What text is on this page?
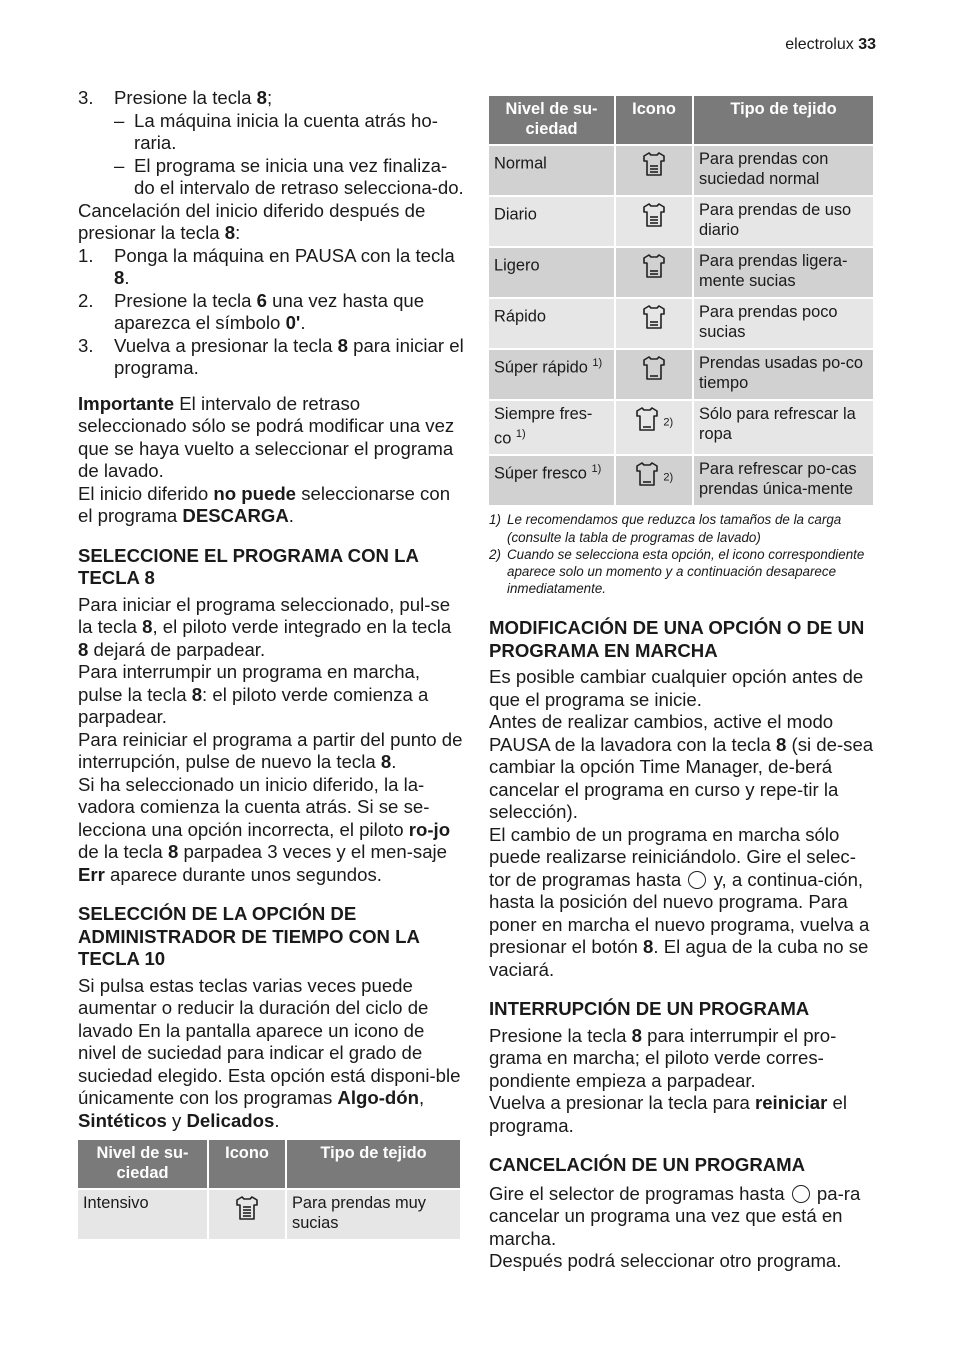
electrolux 33
3.	Presione la tecla 8;
– La máquina inicia la cuenta atrás ho-raria.
– El programa se inicia una vez finaliza-do el intervalo de retraso selecciona-do.

Cancelación del inicio diferido después de presionar la tecla 8:

1.	Ponga la máquina en PAUSA con la tecla 8.
2.	Presione la tecla 6 una vez hasta que aparezca el símbolo 0'.
3.	Vuelva a presionar la tecla 8 para iniciar el programa.

Importante El intervalo de retraso seleccionado sólo se podrá modificar una vez que se haya vuelto a seleccionar el programa de lavado.

El inicio diferido no puede seleccionarse con el programa DESCARGA.

SELECCIONE EL PROGRAMA CON LA TECLA 8

Para iniciar el programa seleccionado, pul-se la tecla 8, el piloto verde integrado en la tecla 8 dejará de parpadear.

Para interrumpir un programa en marcha, pulse la tecla 8: el piloto verde comienza a parpadear.

Para reiniciar el programa a partir del punto de interrupción, pulse de nuevo la tecla 8.

Si ha seleccionado un inicio diferido, la la-vadora comienza la cuenta atrás. Si se se-lecciona una opción incorrecta, el piloto ro-jo de la tecla 8 parpadea 3 veces y el men-saje Err aparece durante unos segundos.

SELECCIÓN DE LA OPCIÓN DE ADMINISTRADOR DE TIEMPO CON LA TECLA 10

Si pulsa estas teclas varias veces puede aumentar o reducir la duración del ciclo de lavado En la pantalla aparece un icono de nivel de suciedad para indicar el grado de suciedad elegido. Esta opción está disponi-ble únicamente con los programas Algo-dón, Sintéticos y Delicados.

Nivel de su-ciedad	Icono	Tipo de tejido
Intensivo		Para prendas muy sucias
Nivel de su-ciedad	Icono	Tipo de tejido
Normal		Para prendas con suciedad normal
Diario		Para prendas de uso diario
Ligero		Para prendas ligera-mente sucias
Rápido		Para prendas poco sucias
Súper rápido $^{1)}$		Prendas usadas po-co tiempo
Siempre fres-co $^{1)}$	$^{2)}$	Sólo para refrescar la ropa
Súper fresco $^{1)}$	$^{2)}$	Para refrescar po-cas prendas única-mente
1) Le recomendamos que reduzca los tamaños de la carga (consulte la tabla de programas de lavado)
2) Cuando se selecciona esta opción, el icono correspondiente aparece solo un momento y a continuación desaparece inmediatamente.
MODIFICACIÓN DE UNA OPCIÓN O DE UN PROGRAMA EN MARCHA

Es posible cambiar cualquier opción antes de que el programa se inicie.

Antes de realizar cambios, active el modo PAUSA de la lavadora con la tecla 8 (si de-sea cambiar la opción Time Manager, de-berá cancelar el programa en curso y repe-tir la selección).

El cambio de un programa en marcha sólo puede realizarse reiniciándolo. Gire el selec-tor de programas hasta  y, a continua-ción, hasta la posición del nuevo programa. Para poner en marcha el nuevo programa, vuelva a presionar el botón 8. El agua de la cuba no se vaciará.

INTERRUPCIÓN DE UN PROGRAMA

Presione la tecla 8 para interrumpir el pro-grama en marcha; el piloto verde corres-pondiente empieza a parpadear.

Vuelva a presionar la tecla para reiniciar el programa.

CANCELACIÓN DE UN PROGRAMA

Gire el selector de programas hasta  pa-ra cancelar un programa una vez que está en marcha.

Después podrá seleccionar otro programa.
